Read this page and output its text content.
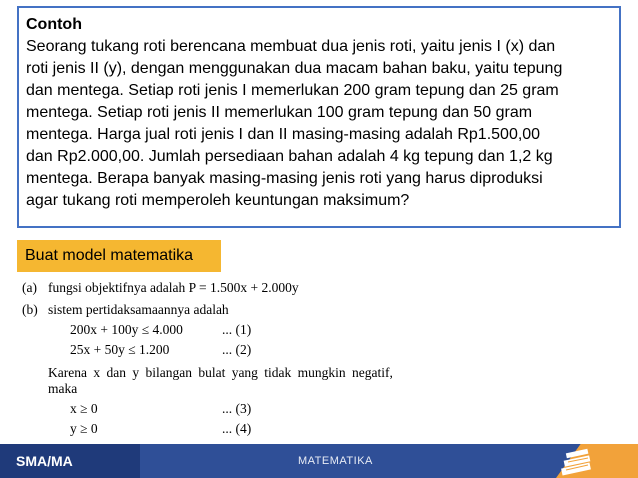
Contoh
Seorang tukang roti berencana membuat dua jenis roti, yaitu jenis I (x) dan
roti jenis II (y), dengan menggunakan dua macam bahan baku, yaitu tepung
dan mentega. Setiap roti jenis I memerlukan 200 gram tepung dan 25 gram
mentega. Setiap roti jenis II memerlukan 100 gram tepung dan 50 gram
mentega. Harga jual roti jenis I dan II masing-masing adalah Rp1.500,00
dan Rp2.000,00. Jumlah persediaan bahan adalah 4 kg tepung dan 1,2 kg
mentega. Berapa banyak masing-masing jenis roti yang harus diproduksi
agar tukang roti memperoleh keuntungan maksimum?
Buat model matematika
(a) fungsi objektifnya adalah P = 1.500x + 2.000y
(b) sistem pertidaksamaannya adalah
200x + 100y ≤ 4.000	... (1)
25x + 50y ≤ 1.200	... (2)
Karena x dan y bilangan bulat yang tidak mungkin negatif,
maka
x ≥ 0	... (3)
y ≥ 0	... (4)
SMA/MA	MATEMATIKA
